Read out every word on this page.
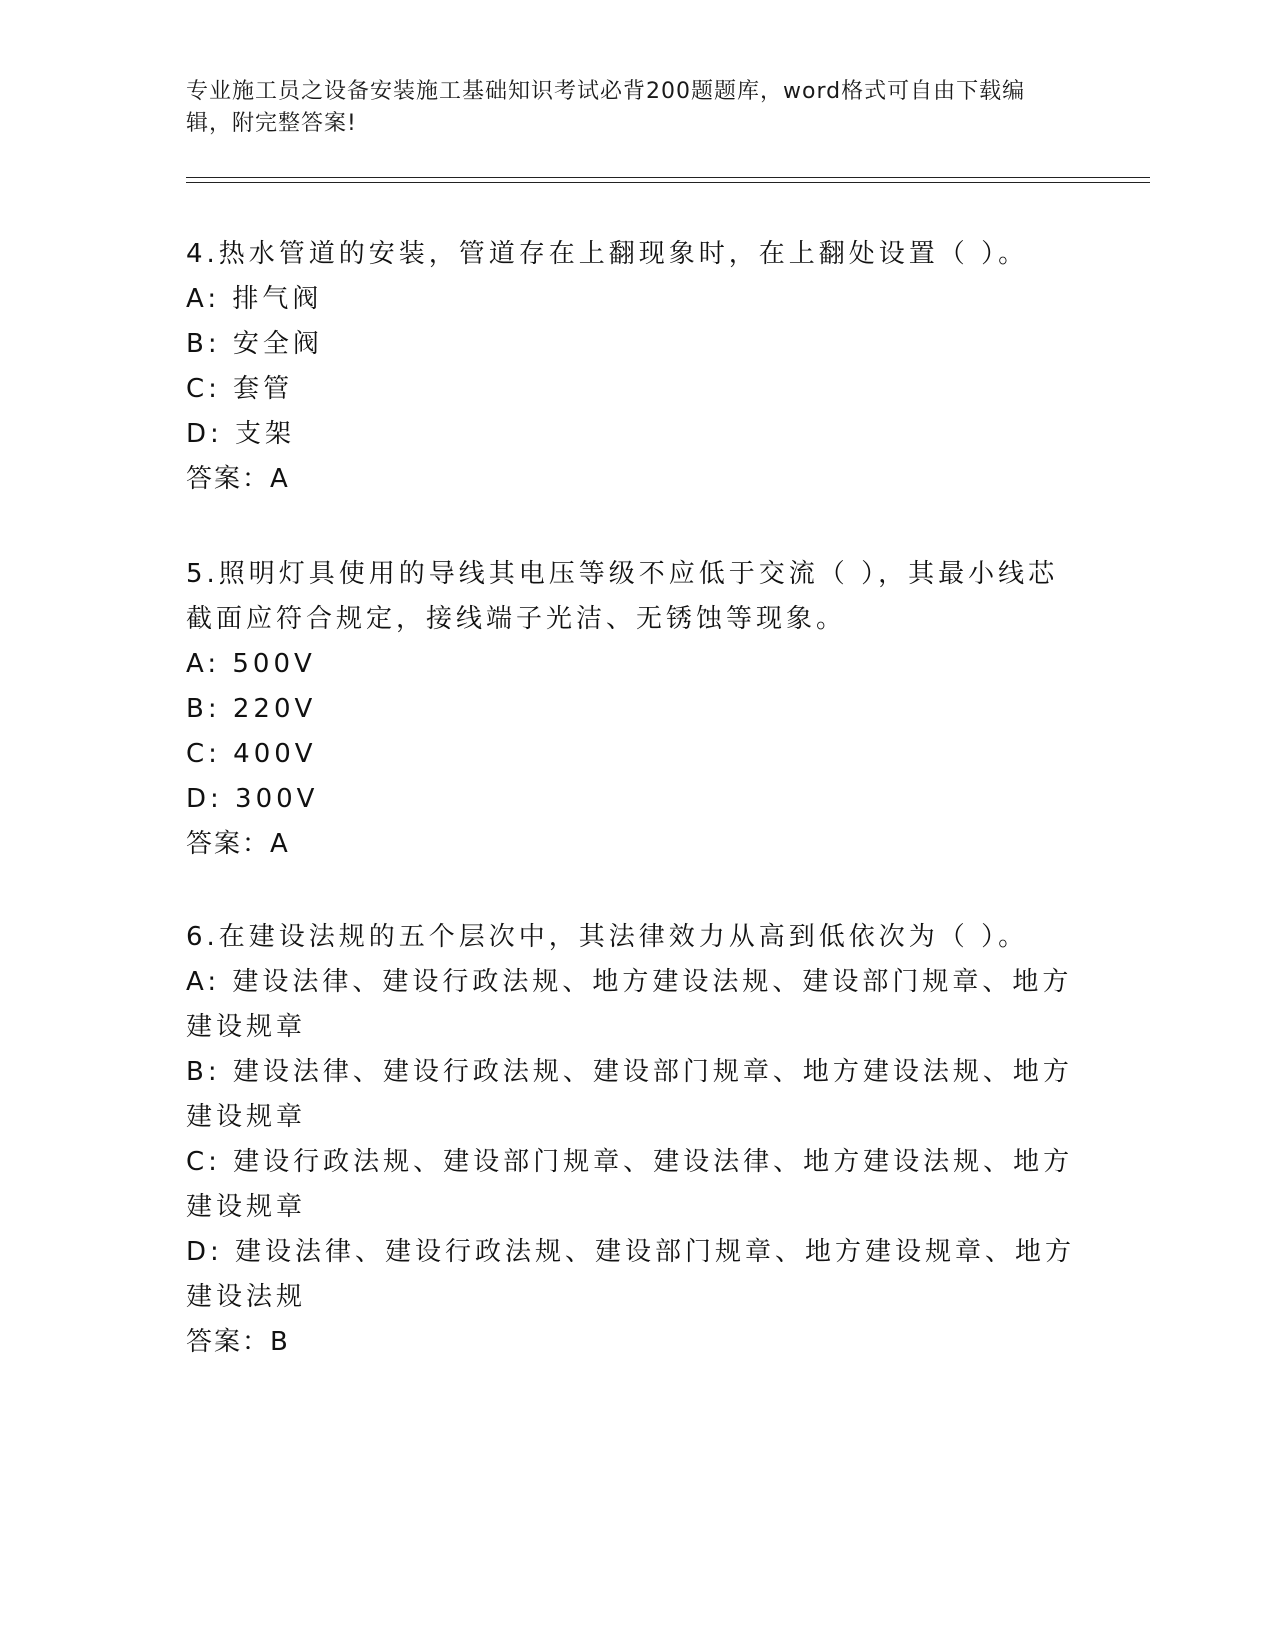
专业施工员之设备安装施工基础知识考试必背200题题库，word格式可自由下载编辑，附完整答案!

4.热水管道的安装，管道存在上翻现象时，在上翻处设置（ ）。

A: 排气阀

B: 安全阀

C: 套管

D: 支架

答案：A

5.照明灯具使用的导线其电压等级不应低于交流（ ），其最小线芯截面应符合规定，接线端子光洁、无锈蚀等现象。

A: 500V

B: 220V

C: 400V

D: 300V

答案：A

6.在建设法规的五个层次中，其法律效力从高到低依次为（ ）。

A: 建设法律、建设行政法规、地方建设法规、建设部门规章、地方建设规章

B: 建设法律、建设行政法规、建设部门规章、地方建设法规、地方建设规章

C: 建设行政法规、建设部门规章、建设法律、地方建设法规、地方建设规章

D: 建设法律、建设行政法规、建设部门规章、地方建设规章、地方建设法规

答案：B
